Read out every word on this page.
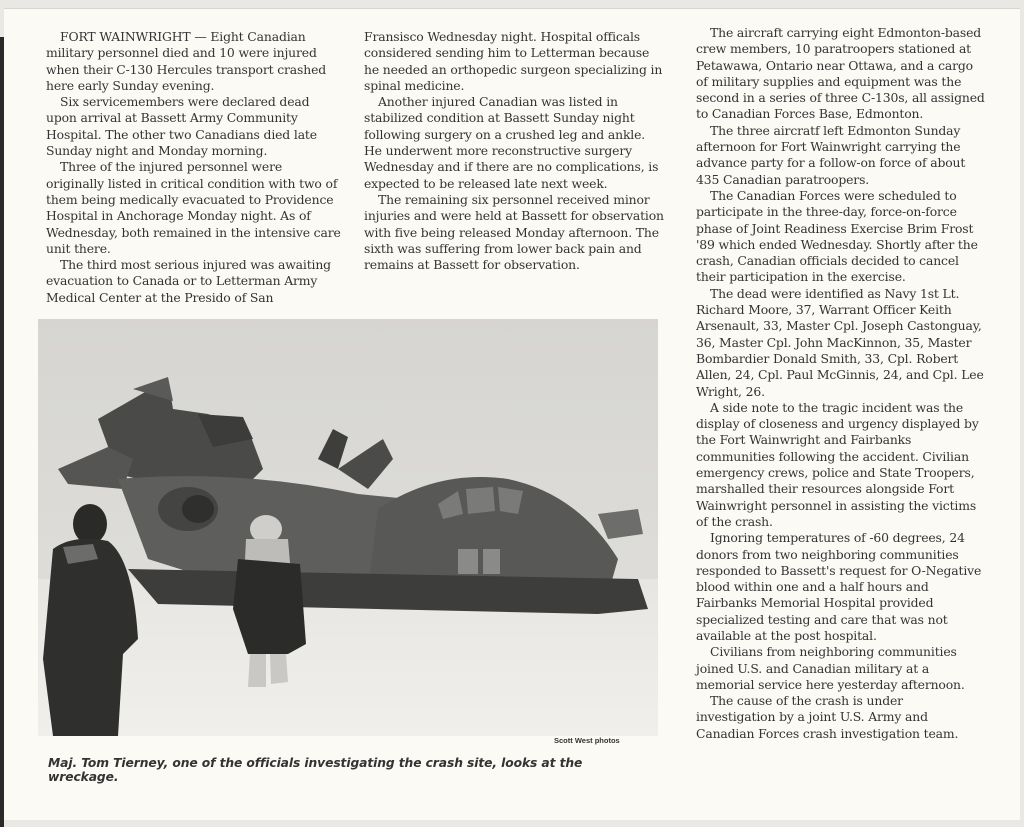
FORT WAINWRIGHT — Eight Canadian military personnel died and 10 were injured when their C-130 Hercules transport crashed here early Sunday evening.

Six servicemembers were declared dead upon arrival at Bassett Army Community Hospital. The other two Canadians died late Sunday night and Monday morning.

Three of the injured personnel were originally listed in critical condition with two of them being medically evacuated to Providence Hospital in Anchorage Monday night. As of Wednesday, both remained in the intensive care unit there.

The third most serious injured was awaiting evacuation to Canada or to Letterman Army Medical Center at the Presido of San

Fransisco Wednesday night. Hospital officals considered sending him to Letterman because he needed an orthopedic surgeon specializing in spinal medicine.

Another injured Canadian was listed in stabilized condition at Bassett Sunday night following surgery on a crushed leg and ankle. He underwent more reconstructive surgery Wednesday and if there are no complications, is expected to be released late next week.

The remaining six personnel received minor injuries and were held at Bassett for observation with five being released Monday afternoon. The sixth was suffering from lower back pain and remains at Bassett for observation.

The aircraft carrying eight Edmonton-based crew members, 10 paratroopers stationed at Petawawa, Ontario near Ottawa, and a cargo of military supplies and equipment was the second in a series of three C-130s, all assigned to Canadian Forces Base, Edmonton.

The three aircratf left Edmonton Sunday afternoon for Fort Wainwright carrying the advance party for a follow-on force of about 435 Canadian paratroopers.

The Canadian Forces were scheduled to participate in the three-day, force-on-force phase of Joint Readiness Exercise Brim Frost '89 which ended Wednesday. Shortly after the crash, Canadian officials decided to cancel their participation in the exercise.

The dead were identified as Navy 1st Lt. Richard Moore, 37, Warrant Officer Keith Arsenault, 33, Master Cpl. Joseph Castonguay, 36, Master Cpl. John MacKinnon, 35, Master Bombardier Donald Smith, 33, Cpl. Robert Allen, 24, Cpl. Paul McGinnis, 24, and Cpl. Lee Wright, 26.

A side note to the tragic incident was the display of closeness and urgency displayed by the Fort Wainwright and Fairbanks communities following the accident. Civilian emergency crews, police and State Troopers, marshalled their resources alongside Fort Wainwright personnel in assisting the victims of the crash.

Ignoring temperatures of -60 degrees, 24 donors from two neighboring communities responded to Bassett's request for O-Negative blood within one and a half hours and Fairbanks Memorial Hospital provided specialized testing and care that was not available at the post hospital.

Civilians from neighboring communities joined U.S. and Canadian military at a memorial service here yesterday afternoon.

The cause of the crash is under investigation by a joint U.S. Army and Canadian Forces crash investigation team.

Scott West photos
Maj. Tom Tierney, one of the officials investigating the crash site, looks at the wreckage.
